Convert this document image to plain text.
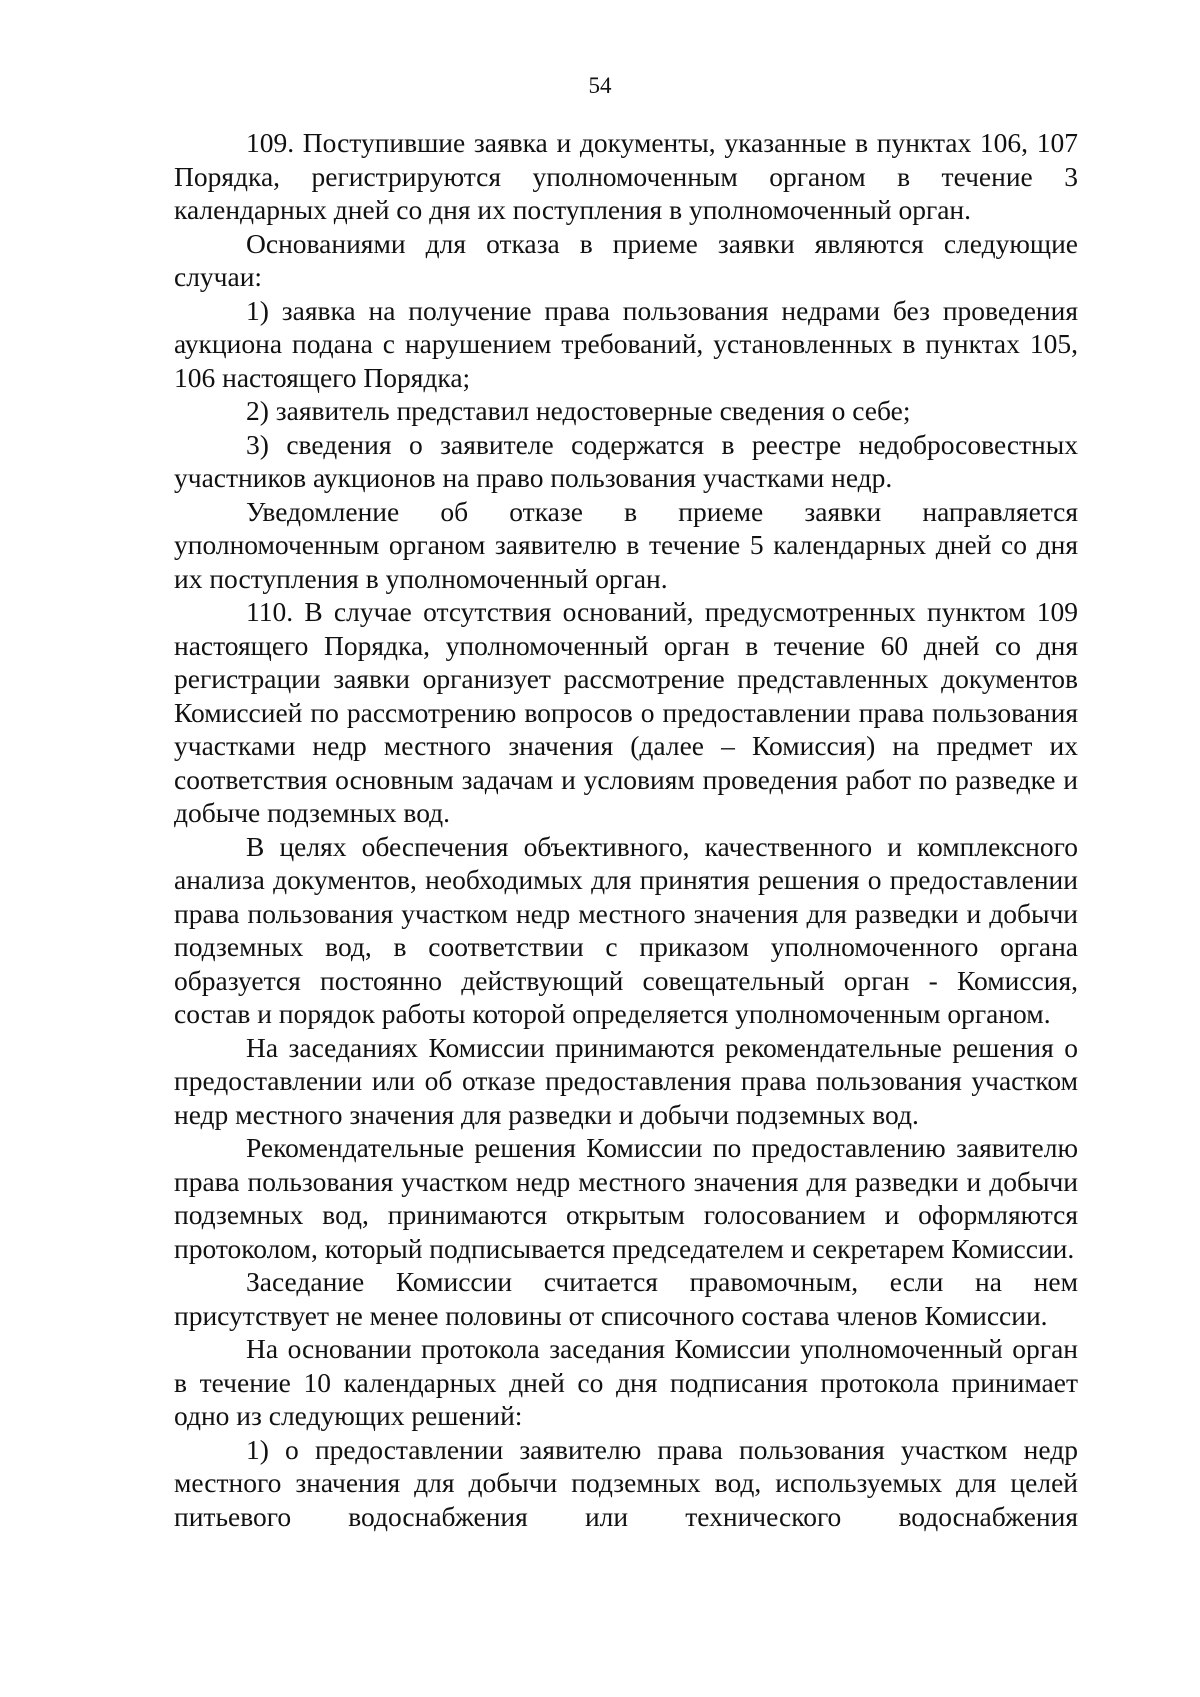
54

109. Поступившие заявка и документы, указанные в пунктах 106, 107 Порядка, регистрируются уполномоченным органом в течение 3 календарных дней со дня их поступления в уполномоченный орган.

Основаниями для отказа в приеме заявки являются следующие случаи:

1) заявка на получение права пользования недрами без проведения аукциона подана с нарушением требований, установленных в пунктах 105, 106 настоящего Порядка;

2) заявитель представил недостоверные сведения о себе;

3) сведения о заявителе содержатся в реестре недобросовестных участников аукционов на право пользования участками недр.

Уведомление об отказе в приеме заявки направляется уполномоченным органом заявителю в течение 5 календарных дней со дня их поступления в уполномоченный орган.

110. В случае отсутствия оснований, предусмотренных пунктом 109 настоящего Порядка, уполномоченный орган в течение 60 дней со дня регистрации заявки организует рассмотрение представленных документов Комиссией по рассмотрению вопросов о предоставлении права пользования участками недр местного значения (далее – Комиссия) на предмет их соответствия основным задачам и условиям проведения работ по разведке и добыче подземных вод.

В целях обеспечения объективного, качественного и комплексного анализа документов, необходимых для принятия решения о предоставлении права пользования участком недр местного значения для разведки и добычи подземных вод, в соответствии с приказом уполномоченного органа образуется постоянно действующий совещательный орган - Комиссия, состав и порядок работы которой определяется уполномоченным органом.

На заседаниях Комиссии принимаются рекомендательные решения о предоставлении или об отказе предоставления права пользования участком недр местного значения для разведки и добычи подземных вод.

Рекомендательные решения Комиссии по предоставлению заявителю права пользования участком недр местного значения для разведки и добычи подземных вод, принимаются открытым голосованием и оформляются протоколом, который подписывается председателем и секретарем Комиссии.

Заседание Комиссии считается правомочным, если на нем присутствует не менее половины от списочного состава членов Комиссии.

На основании протокола заседания Комиссии уполномоченный орган в течение 10 календарных дней со дня подписания протокола принимает одно из следующих решений:

1) о предоставлении заявителю права пользования участком недр местного значения для добычи подземных вод, используемых для целей питьевого водоснабжения или технического водоснабжения
